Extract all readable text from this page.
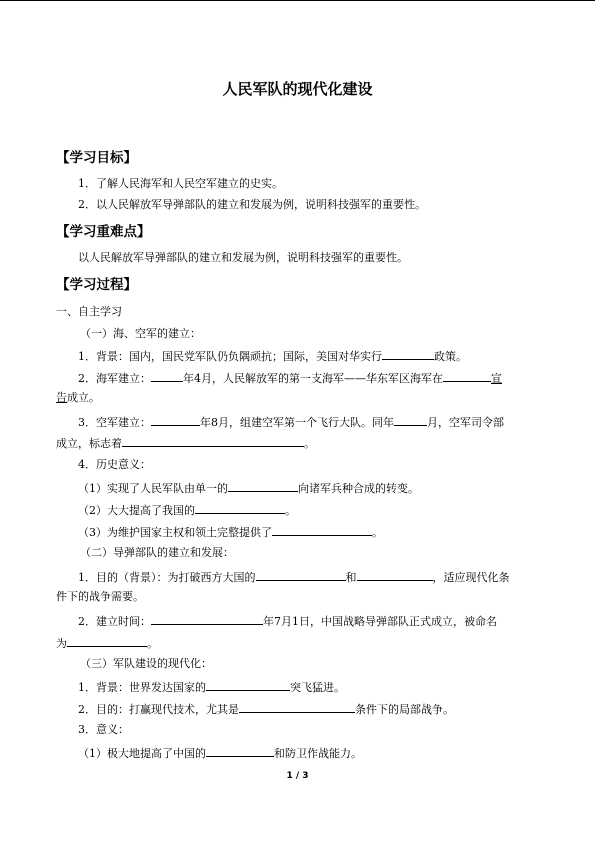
人民军队的现代化建设
【学习目标】
1．了解人民海军和人民空军建立的史实。
2．以人民解放军导弹部队的建立和发展为例，说明科技强军的重要性。
【学习重难点】
以人民解放军导弹部队的建立和发展为例，说明科技强军的重要性。
【学习过程】
一、自主学习
（一）海、空军的建立：
1．背景：国内，国民党军队仍负隅顽抗；国际，美国对华实行	政策。
2．海军建立：	年4月，人民解放军的第一支海军——华东军区海军在	宣
告成立。
3．空军建立：	年8月，组建空军第一个飞行大队。同年	月，空军司令部
成立，标志着	。
4．历史意义：
（1）实现了人民军队由单一的	向诸军兵种合成的转变。
（2）大大提高了我国的	。
（3）为维护国家主权和领土完整提供了	。
（二）导弹部队的建立和发展：
1．目的（背景）：为打破西方大国的	和	，适应现代化条
件下的战争需要。
2．建立时间：	年7月1日，中国战略导弹部队正式成立，被命名
为	。
（三）军队建设的现代化：
1．背景：世界发达国家的	突飞猛进。
2．目的：打赢现代技术，尤其是	条件下的局部战争。
3．意义：
（1）极大地提高了中国的	和防卫作战能力。
1 / 3
